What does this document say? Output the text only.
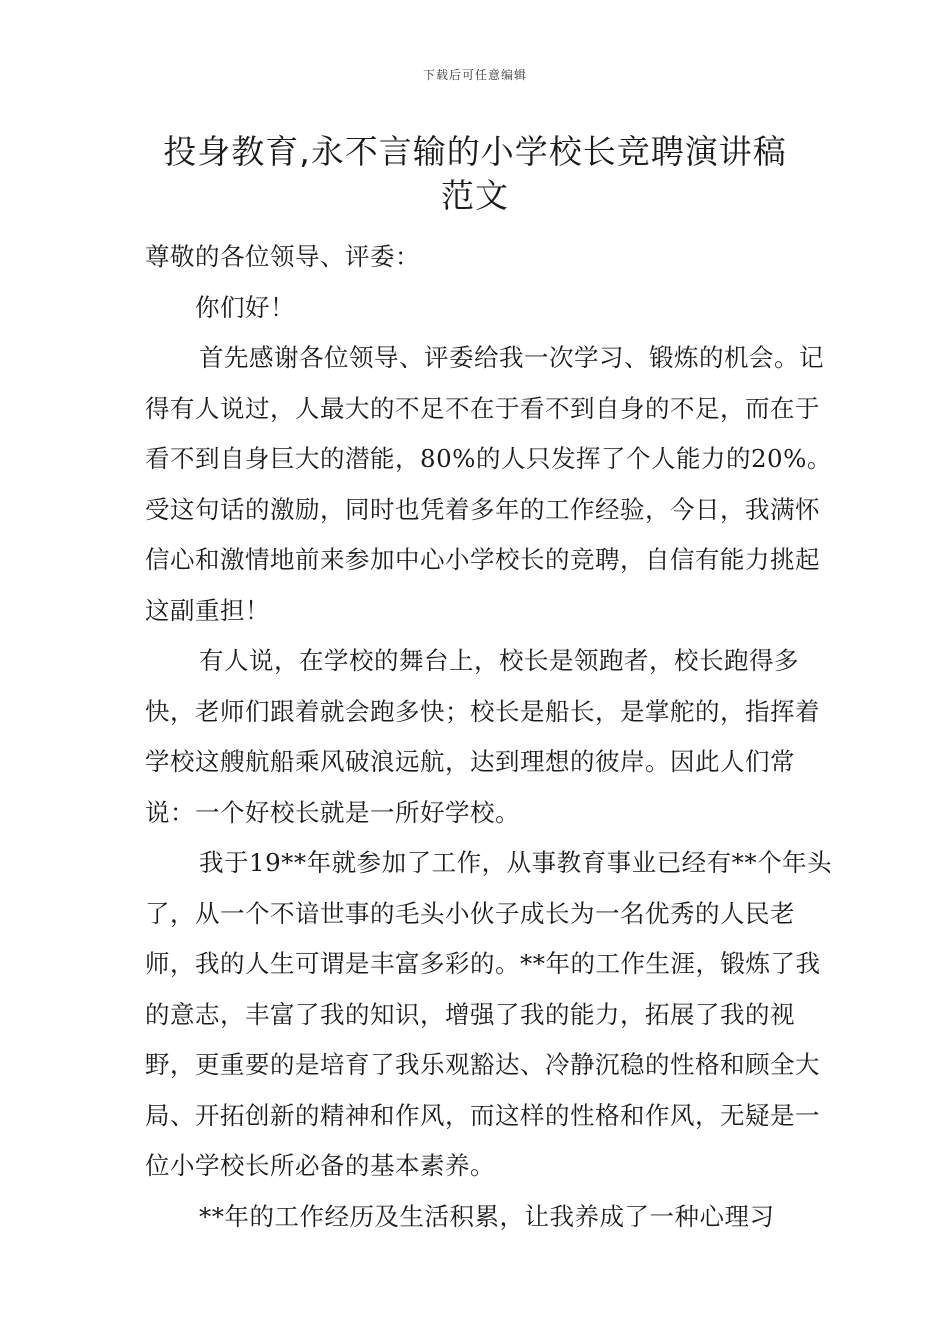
下载后可任意编辑
投身教育,永不言输的小学校长竞聘演讲稿
范文

尊敬的各位领导、评委：

你们好！

首先感谢各位领导、评委给我一次学习、锻炼的机会。记得有人说过，人最大的不足不在于看不到自身的不足，而在于看不到自身巨大的潜能，80%的人只发挥了个人能力的20%。受这句话的激励，同时也凭着多年的工作经验，今日，我满怀信心和激情地前来参加中心小学校长的竞聘，自信有能力挑起这副重担！

有人说，在学校的舞台上，校长是领跑者，校长跑得多快，老师们跟着就会跑多快；校长是船长，是掌舵的，指挥着学校这艘航船乘风破浪远航，达到理想的彼岸。因此人们常说：一个好校长就是一所好学校。

我于19**年就参加了工作，从事教育事业已经有**个年头了，从一个不谙世事的毛头小伙子成长为一名优秀的人民老师，我的人生可谓是丰富多彩的。**年的工作生涯，锻炼了我的意志，丰富了我的知识，增强了我的能力，拓展了我的视野，更重要的是培育了我乐观豁达、冷静沉稳的性格和顾全大局、开拓创新的精神和作风，而这样的性格和作风，无疑是一位小学校长所必备的基本素养。

**年的工作经历及生活积累，让我养成了一种心理习
